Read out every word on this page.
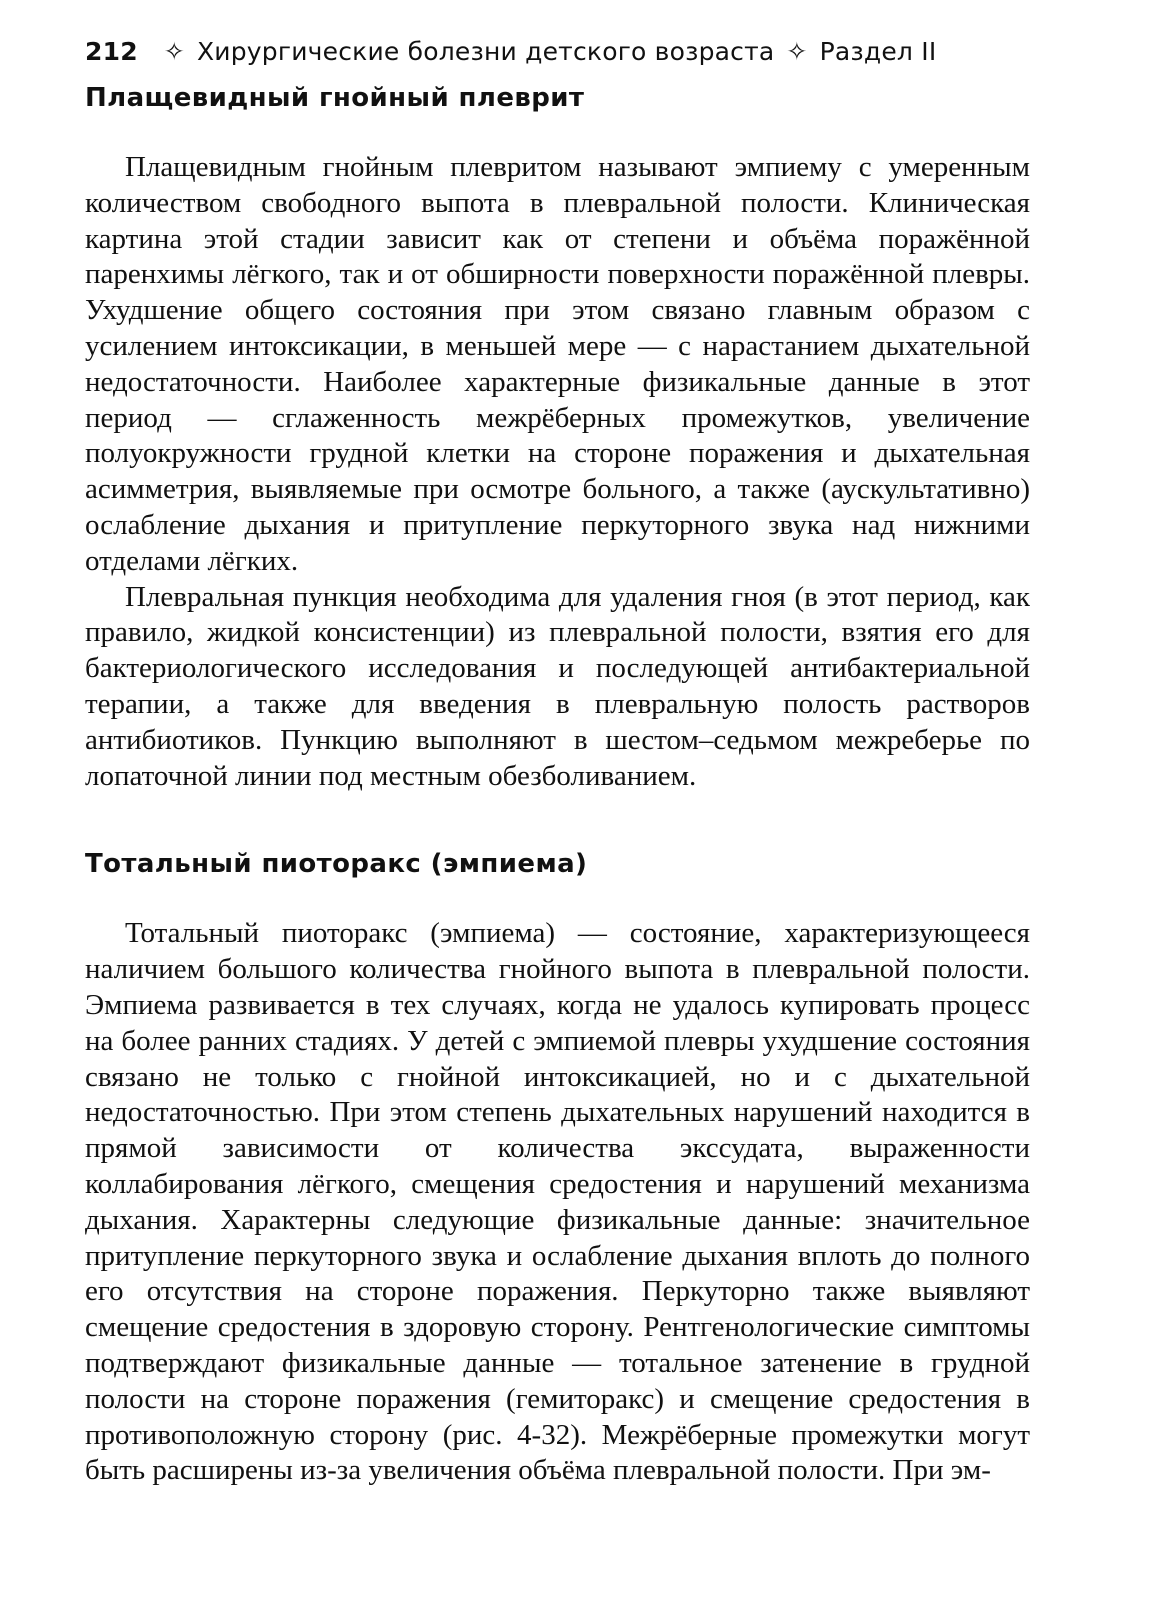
212 ✧ Хирургические болезни детского возраста ✧ Раздел II
Плащевидный гнойный плеврит

Плащевидным гнойным плевритом называют эмпиему с умеренным количеством свободного выпота в плевральной полости. Клиническая картина этой стадии зависит как от степени и объёма поражённой паренхимы лёгкого, так и от обширности поверхности поражённой плевры. Ухудшение общего состояния при этом связано главным образом с усилением интоксикации, в меньшей мере — с нарастанием дыхательной недостаточности. Наиболее характерные физикальные данные в этот период — сглаженность межрёберных промежутков, увеличение полуокружности грудной клетки на стороне поражения и дыхательная асимметрия, выявляемые при осмотре больного, а также (аускультативно) ослабление дыхания и притупление перкуторного звука над нижними отделами лёгких.

Плевральная пункция необходима для удаления гноя (в этот период, как правило, жидкой консистенции) из плевральной полости, взятия его для бактериологического исследования и последующей антибактериальной терапии, а также для введения в плевральную полость растворов антибиотиков. Пункцию выполняют в шестом–седьмом межреберье по лопаточной линии под местным обезболиванием.

Тотальный пиоторакс (эмпиема)

Тотальный пиоторакс (эмпиема) — состояние, характеризующееся наличием большого количества гнойного выпота в плевральной полости. Эмпиема развивается в тех случаях, когда не удалось купировать процесс на более ранних стадиях. У детей с эмпиемой плевры ухудшение состояния связано не только с гнойной интоксикацией, но и с дыхательной недостаточностью. При этом степень дыхательных нарушений находится в прямой зависимости от количества экссудата, выраженности коллабирования лёгкого, смещения средостения и нарушений механизма дыхания. Характерны следующие физикальные данные: значительное притупление перкуторного звука и ослабление дыхания вплоть до полного его отсутствия на стороне поражения. Перкуторно также выявляют смещение средостения в здоровую сторону. Рентгенологические симптомы подтверждают физикальные данные — тотальное затенение в грудной полости на стороне поражения (гемиторакс) и смещение средостения в противоположную сторону (рис. 4-32). Межрёберные промежутки могут быть расширены из-за увеличения объёма плевральной полости. При эм-
